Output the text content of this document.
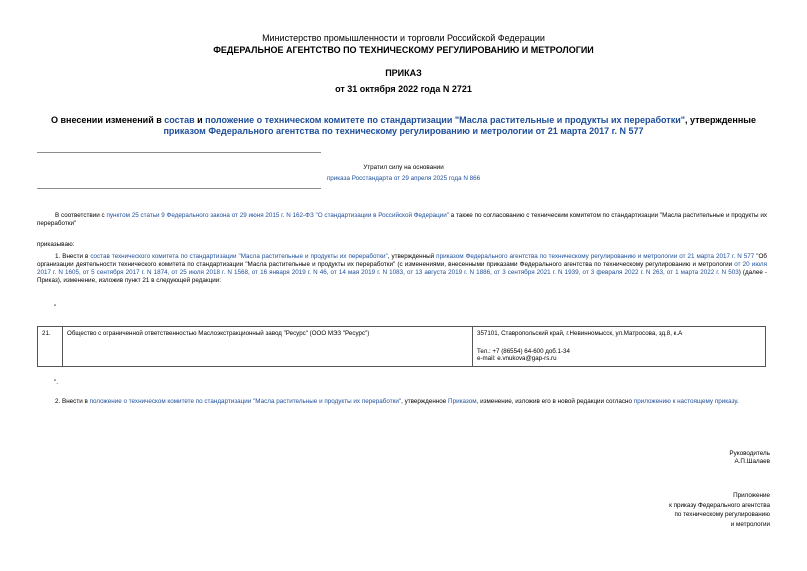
Министерство промышленности и торговли Российской Федерации
ФЕДЕРАЛЬНОЕ АГЕНТСТВО ПО ТЕХНИЧЕСКОМУ РЕГУЛИРОВАНИЮ И МЕТРОЛОГИИ
ПРИКАЗ
от 31 октября 2022 года N 2721
О внесении изменений в состав и положение о техническом комитете по стандартизации "Масла растительные и продукты их переработки", утвержденные
приказом Федерального агентства по техническому регулированию и метрологии от 21 марта 2017 г. N 577
Утратил силу на основании
приказа Росстандарта от 29 апреля 2025 года N 866
В соответствии с пунктом 25 статьи 9 Федерального закона от 29 июня 2015 г. N 162-ФЗ "О стандартизации в Российской Федерации" а также по согласованию с техническим комитетом по стандартизации "Масла растительные и продукты их переработки"
приказываю:
1. Внести в состав технического комитета по стандартизации "Масла растительные и продукты их переработки", утвержденный приказом Федерального агентства по техническому регулированию и метрологии от 21 марта 2017 г. N 577 "Об организации деятельности технического комитета по стандартизации "Масла растительные и продукты их переработки" (с изменениями, внесенными приказами Федерального агентства по техническому регулированию и метрологии от 20 июля 2017 г. N 1605, от 5 сентября 2017 г. N 1874, от 25 июля 2018 г. N 1568, от 16 января 2019 г. N 46, от 14 мая 2019 г. N 1083, от 13 августа 2019 г. N 1886, от 3 сентября 2021 г. N 1939, от 3 февраля 2022 г. N 263, от 1 марта 2022 г. N 503) (далее - Приказ), изменение, изложив пункт 21 в следующей редакции:
"
21.	Общество с ограниченной ответственностью Маслоэкстракционный завод "Ресурс" (ООО МЭЗ "Ресурс")	357101, Ставропольский край, г.Невинномысск, ул.Матросова, зд.8, к.А
Тел.: +7 (86554) 64-600 доб.1-34
e-mail: e.vnukova@gap-rs.ru
".
2. Внести в положение о техническом комитете по стандартизации "Масла растительные и продукты их переработки", утвержденное Приказом, изменение, изложив его в новой редакции согласно приложению к настоящему приказу.
Руководитель
А.П.Шалаев
Приложение
к приказу Федерального агентства
по техническому регулированию
и метрологии
